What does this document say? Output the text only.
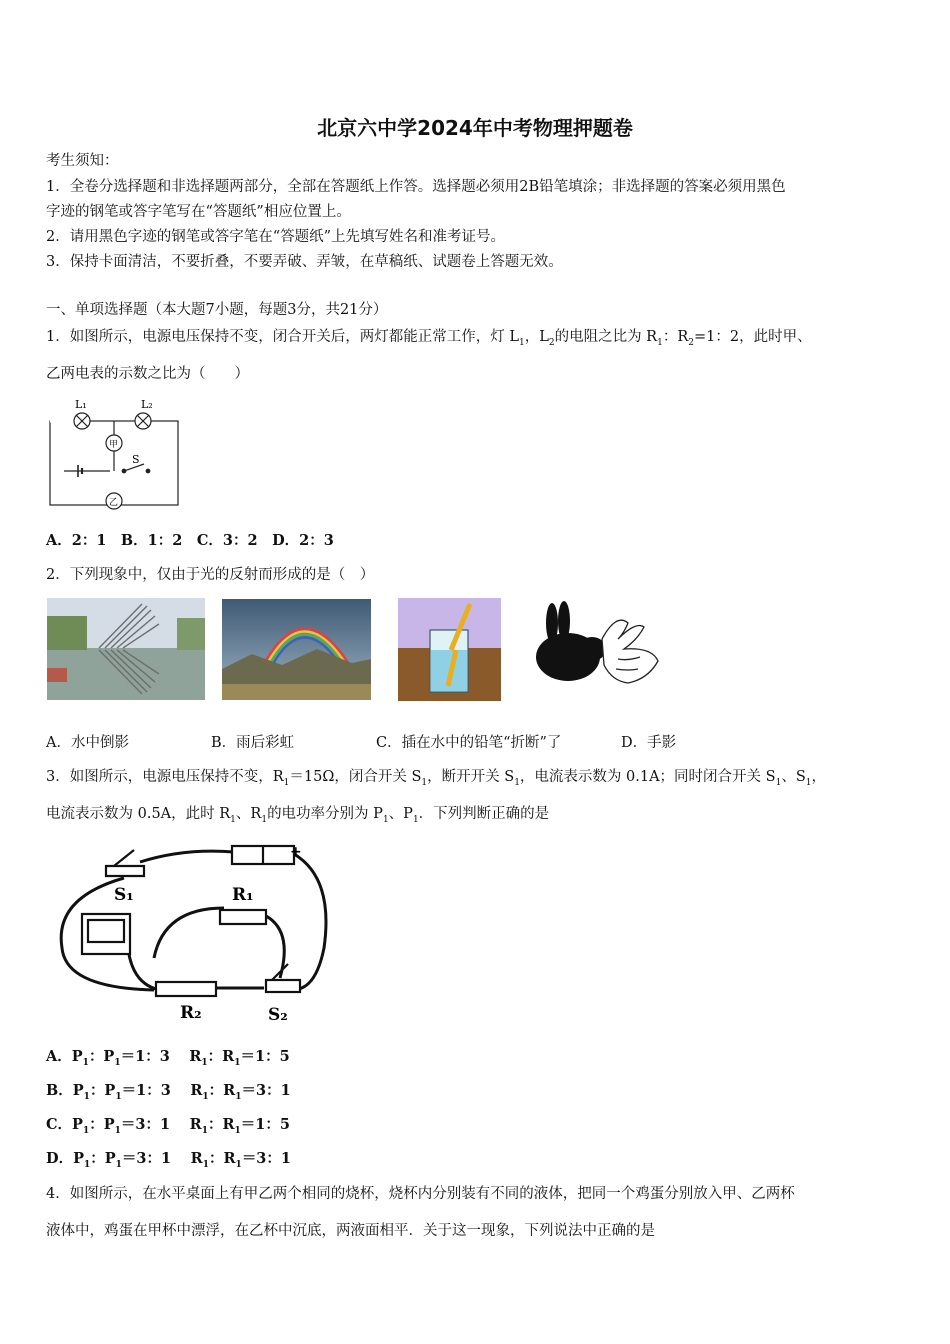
北京六中学2024年中考物理押题卷
考生须知：
1．全卷分选择题和非选择题两部分，全部在答题纸上作答。选择题必须用2B铅笔填涂；非选择题的答案必须用黑色
字迹的钢笔或答字笔写在“答题纸”相应位置上。
2．请用黑色字迹的钢笔或答字笔在“答题纸”上先填写姓名和准考证号。
3．保持卡面清洁，不要折叠，不要弄破、弄皱，在草稿纸、试题卷上答题无效。
一、单项选择题（本大题7小题，每题3分，共21分）
1．如图所示，电源电压保持不变，闭合开关后，两灯都能正常工作，灯 $L_1$，$L_2$的电阻之比为 $R_1$：$R_2=1$：2，此时甲、
乙两电表的示数之比为（　　）
L₁	L₂
S
甲
乙
A．2：1　B．1：2　C．3：2　D．2：3
2．下列现象中，仅由于光的反射而形成的是（　）
A．水中倒影	B．雨后彩虹	C．插在水中的铅笔“折断”了	D．手影
3．如图所示，电源电压保持不变，$R_1=15\Omega$，闭合开关 $S_1$，断开开关 $S_1$，电流表示数为 0.1A；同时闭合开关 $S_1$、$S_1$，
电流表示数为 0.5A，此时 $R_1$、$R_1$的电功率分别为 $P_1$、$P_1$．下列判断正确的是
S₁	R₁
R₂	S₂
+
A．$P_1$：$P_1=1$：3　 $R_1$：$R_1=1$：5
B．$P_1$：$P_1=1$：3　 $R_1$：$R_1=3$：1
C．$P_1$：$P_1=3$：1　 $R_1$：$R_1=1$：5
D．$P_1$：$P_1=3$：1　 $R_1$：$R_1=3$：1
4．如图所示，在水平桌面上有甲乙两个相同的烧杯，烧杯内分别装有不同的液体，把同一个鸡蛋分别放入甲、乙两杯
液体中，鸡蛋在甲杯中漂浮，在乙杯中沉底，两液面相平．关于这一现象，下列说法中正确的是
